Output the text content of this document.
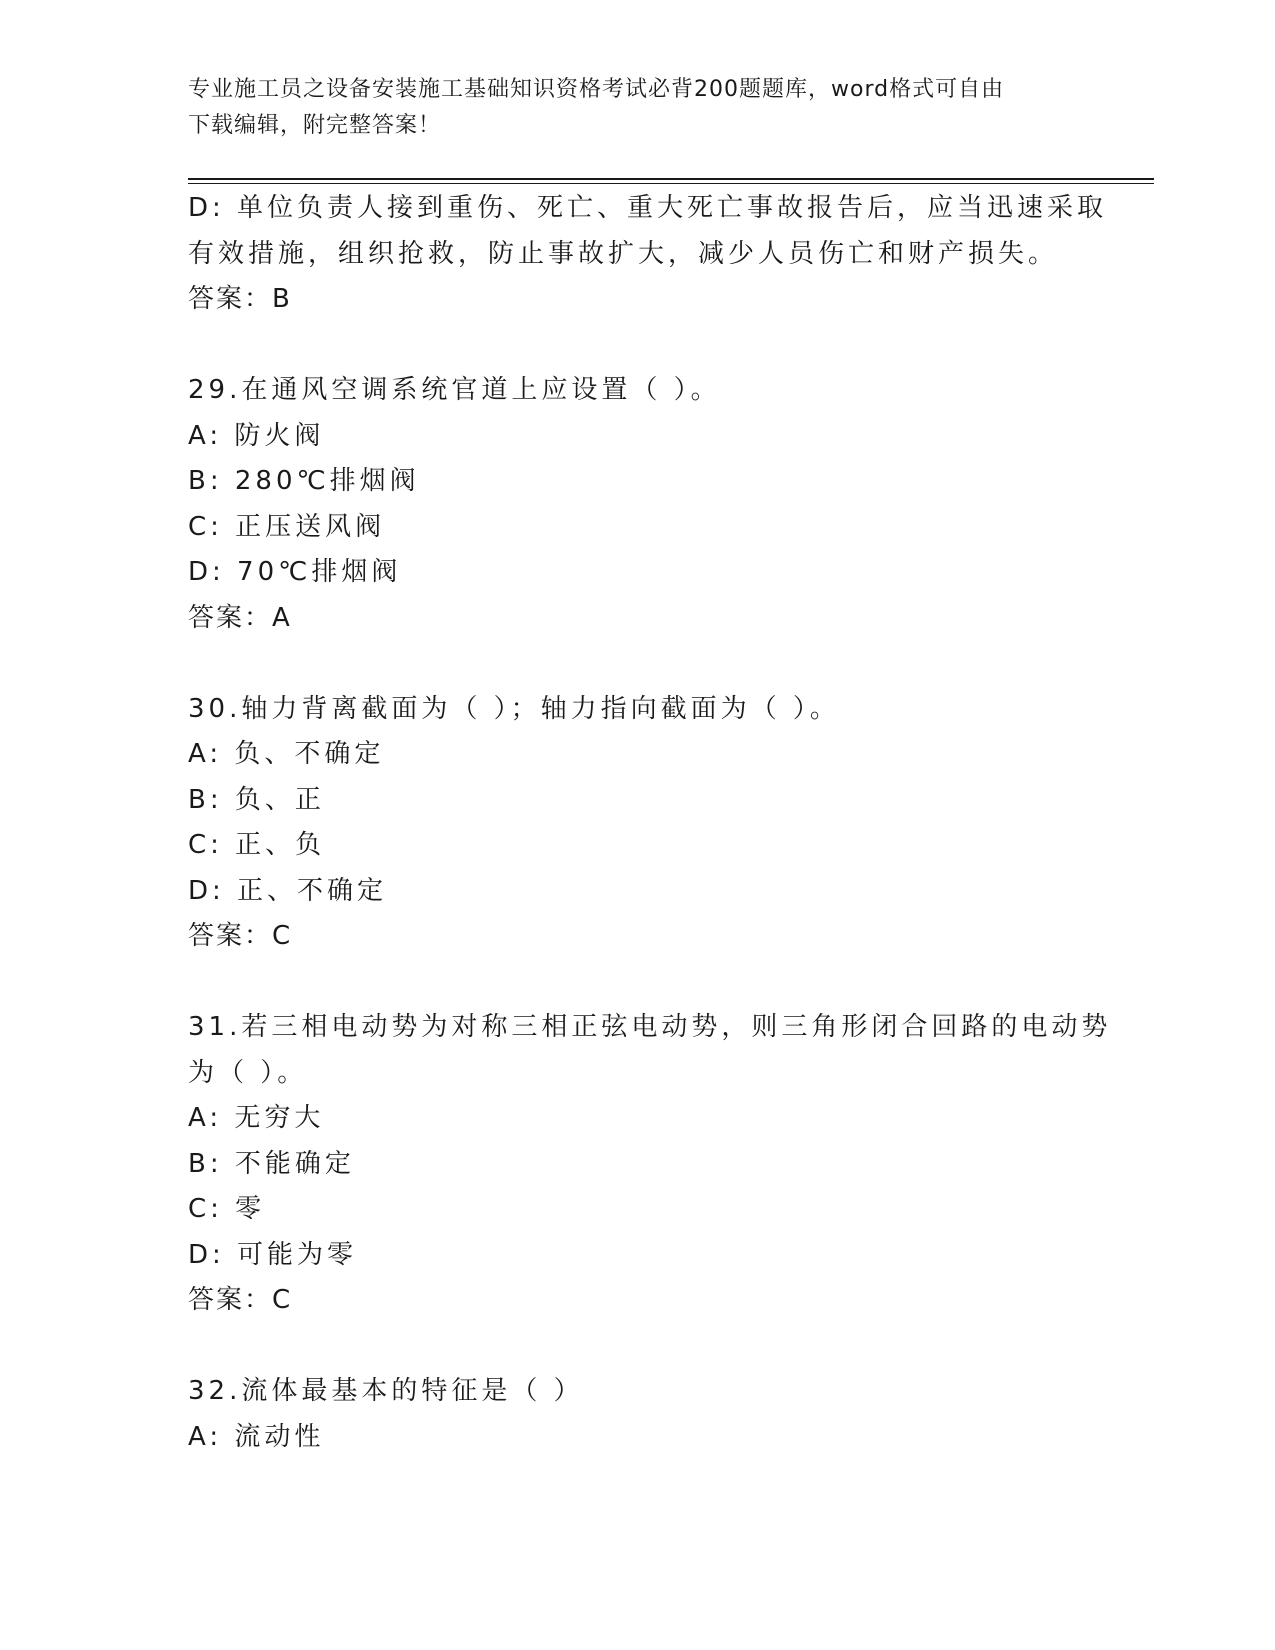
专业施工员之设备安装施工基础知识资格考试必背200题题库，word格式可自由
下载编辑，附完整答案！
D: 单位负责人接到重伤、死亡、重大死亡事故报告后，应当迅速采取
有效措施，组织抢救，防止事故扩大，减少人员伤亡和财产损失。
答案：B
29.在通风空调系统官道上应设置（ ）。
A: 防火阀
B: 280℃排烟阀
C: 正压送风阀
D: 70℃排烟阀
答案：A
30.轴力背离截面为（ ）；轴力指向截面为（ ）。
A: 负、不确定
B: 负、正
C: 正、负
D: 正、不确定
答案：C
31.若三相电动势为对称三相正弦电动势，则三角形闭合回路的电动势
为（ ）。
A: 无穷大
B: 不能确定
C: 零
D: 可能为零
答案：C
32.流体最基本的特征是（ ）
A: 流动性
